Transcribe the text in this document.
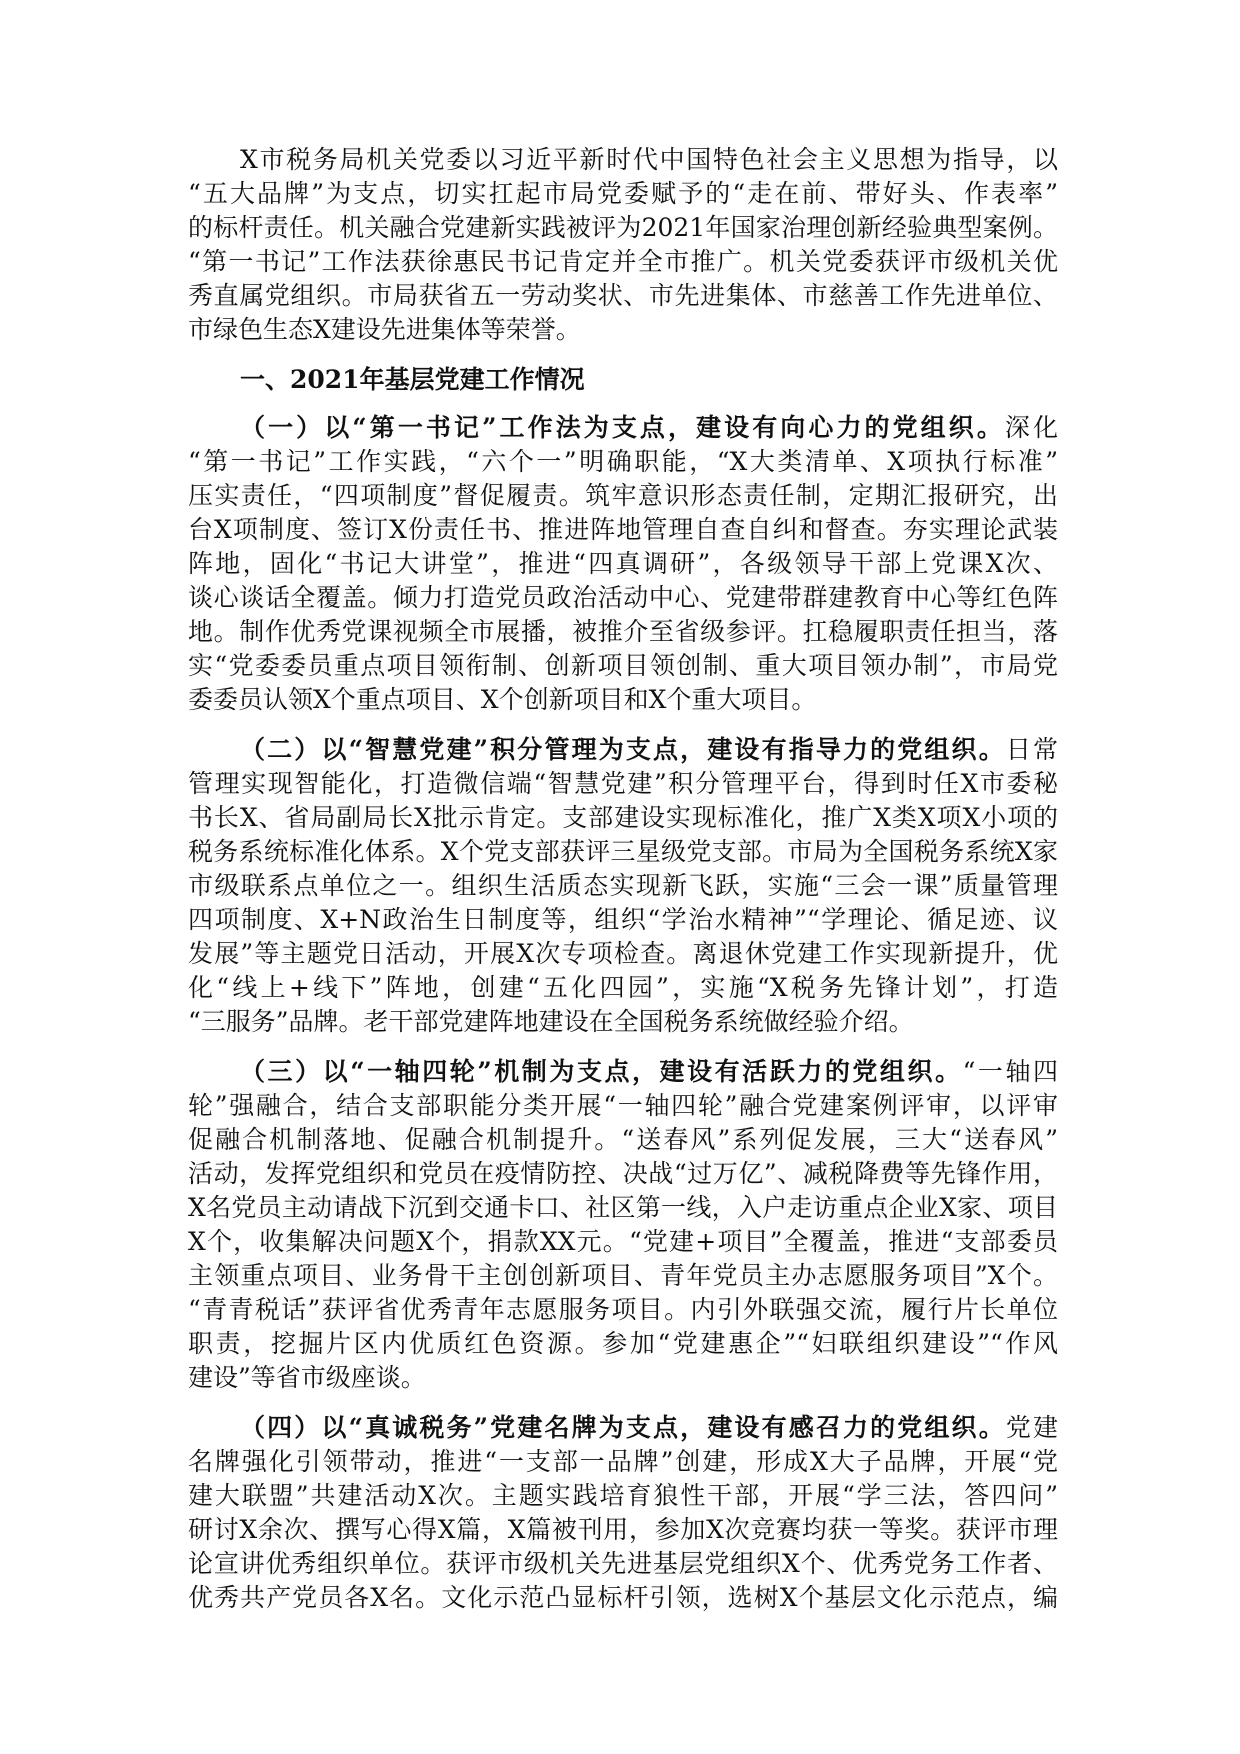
X市税务局机关党委以习近平新时代中国特色社会主义思想为指导，以
“五大品牌”为支点，切实扛起市局党委赋予的“走在前、带好头、作表率”
的标杆责任。机关融合党建新实践被评为2021年国家治理创新经验典型案例。
“第一书记”工作法获徐惠民书记肯定并全市推广。机关党委获评市级机关优
秀直属党组织。市局获省五一劳动奖状、市先进集体、市慈善工作先进单位、
市绿色生态X建设先进集体等荣誉。
一、2021年基层党建工作情况
（一）以“第一书记”工作法为支点，建设有向心力的党组织。深化
“第一书记”工作实践，“六个一”明确职能，“X大类清单、X项执行标准”
压实责任，“四项制度”督促履责。筑牢意识形态责任制，定期汇报研究，出
台X项制度、签订X份责任书、推进阵地管理自查自纠和督查。夯实理论武装
阵地，固化“书记大讲堂”，推进“四真调研”，各级领导干部上党课X次、
谈心谈话全覆盖。倾力打造党员政治活动中心、党建带群建教育中心等红色阵
地。制作优秀党课视频全市展播，被推介至省级参评。扛稳履职责任担当，落
实“党委委员重点项目领衔制、创新项目领创制、重大项目领办制”，市局党
委委员认领X个重点项目、X个创新项目和X个重大项目。
（二）以“智慧党建”积分管理为支点，建设有指导力的党组织。日常
管理实现智能化，打造微信端“智慧党建”积分管理平台，得到时任X市委秘
书长X、省局副局长X批示肯定。支部建设实现标准化，推广X类X项X小项的
税务系统标准化体系。X个党支部获评三星级党支部。市局为全国税务系统X家
市级联系点单位之一。组织生活质态实现新飞跃，实施“三会一课”质量管理
四项制度、X+N政治生日制度等，组织“学治水精神”“学理论、循足迹、议
发展”等主题党日活动，开展X次专项检查。离退休党建工作实现新提升，优
化“线上+线下”阵地，创建“五化四园”，实施“X税务先锋计划”，打造
“三服务”品牌。老干部党建阵地建设在全国税务系统做经验介绍。
（三）以“一轴四轮”机制为支点，建设有活跃力的党组织。“一轴四
轮”强融合，结合支部职能分类开展“一轴四轮”融合党建案例评审，以评审
促融合机制落地、促融合机制提升。“送春风”系列促发展，三大“送春风”
活动，发挥党组织和党员在疫情防控、决战“过万亿”、减税降费等先锋作用，
X名党员主动请战下沉到交通卡口、社区第一线，入户走访重点企业X家、项目
X个，收集解决问题X个，捐款XX元。“党建+项目”全覆盖，推进“支部委员
主领重点项目、业务骨干主创创新项目、青年党员主办志愿服务项目”X个。
“青青税话”获评省优秀青年志愿服务项目。内引外联强交流，履行片长单位
职责，挖掘片区内优质红色资源。参加“党建惠企”“妇联组织建设”“作风
建设”等省市级座谈。
（四）以“真诚税务”党建名牌为支点，建设有感召力的党组织。党建
名牌强化引领带动，推进“一支部一品牌”创建，形成X大子品牌，开展“党
建大联盟”共建活动X次。主题实践培育狼性干部，开展“学三法，答四问”
研讨X余次、撰写心得X篇，X篇被刊用，参加X次竞赛均获一等奖。获评市理
论宣讲优秀组织单位。获评市级机关先进基层党组织X个、优秀党务工作者、
优秀共产党员各X名。文化示范凸显标杆引领，选树X个基层文化示范点，编
